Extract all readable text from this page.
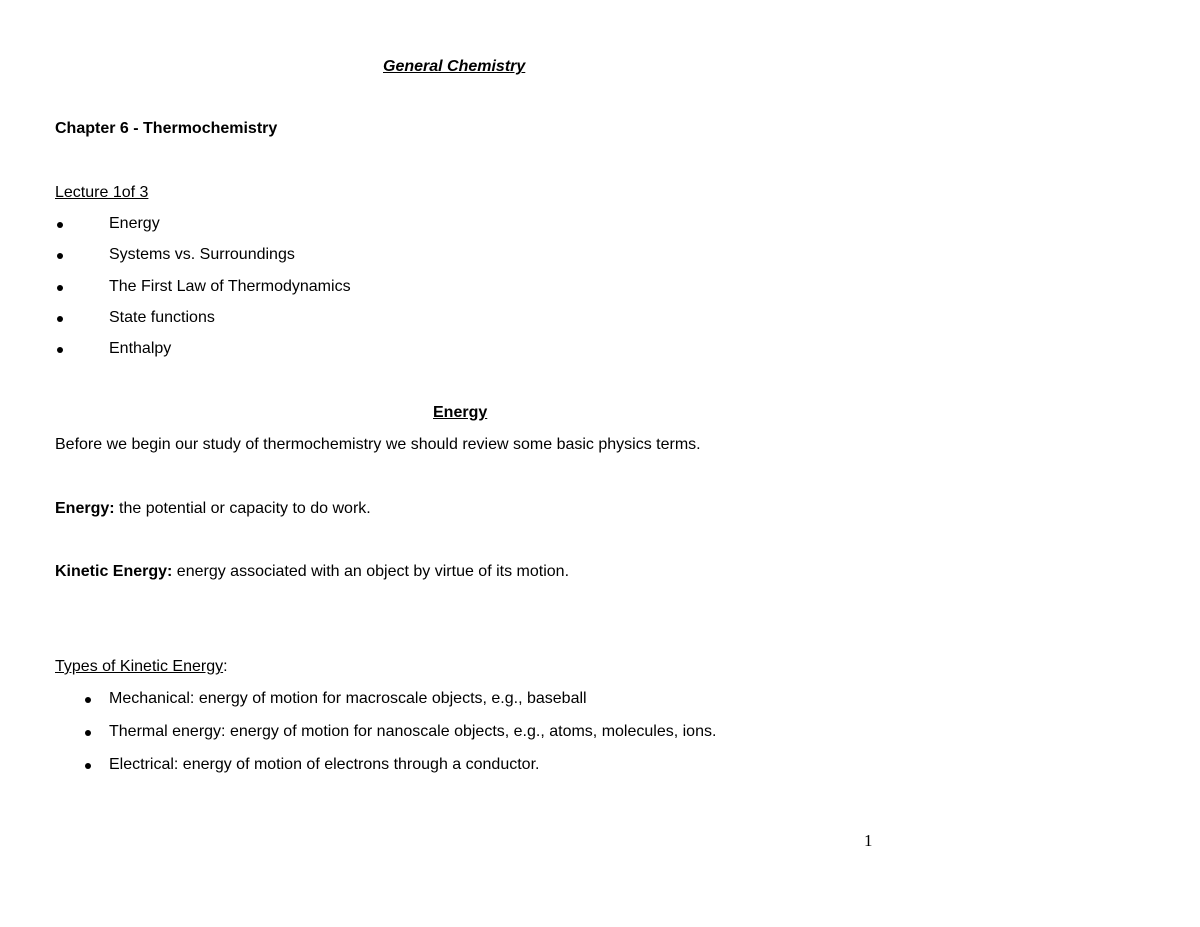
General Chemistry
Chapter 6 - Thermochemistry
Lecture 1of 3
Energy
Systems vs. Surroundings
The First Law of Thermodynamics
State functions
Enthalpy
Energy
Before we begin our study of thermochemistry we should review some basic physics terms.
Energy: the potential or capacity to do work.
Kinetic Energy: energy associated with an object by virtue of its motion.
Types of Kinetic Energy:
Mechanical: energy of motion for macroscale objects, e.g., baseball
Thermal energy: energy of motion for nanoscale objects, e.g., atoms, molecules, ions.
Electrical: energy of motion of electrons through a conductor.
1
